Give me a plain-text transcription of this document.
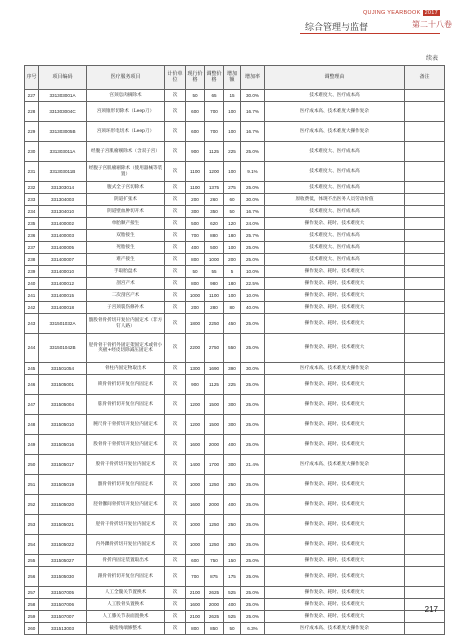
QUJING YEARBOOK 2017
综合管理与监督	第二十八卷
续表
序号	项目编码	医疗服务项目	计价单位	现行价格	调整价格	增加额	增加率	调整理由	备注
227	331303001A	宫颈息肉摘除术	次	50	65	15	30.0%	技术难度大、医疗成本高	
228	331303004C	宫颈锥形切除术（Leep刀）	次	600	700	100	16.7%	医疗成本高、技术难度大操作复杂	
229	331303005B	宫颈环形电切术（Leep刀）	次	600	700	100	16.7%	医疗成本高、技术难度大操作复杂	
230	331303011A	经腹子宫肌瘤剔除术（含双子宫）	次	900	1125	225	25.0%	技术难度大、医疗成本高	
231	331303011B	经腹子宫肌瘤剔除术（使用器械等装置）	次	1100	1200	100	9.1%	技术难度大、医疗成本高	
232	331303014	腹式全子宫切除术	次	1100	1375	275	25.0%	技术难度大、医疗成本高	
233	331304003	阴道扩张术	次	200	260	60	30.0%	原收费低，体现不出医务人员劳动价值	
234	331304010	阴道壁血肿切开术	次	300	350	50	16.7%	技术难度大、医疗成本高	
235	331400002	单胎顺产接生	次	500	620	120	24.0%	操作复杂、耗时、技术难度大	
236	331400003	双胎接生	次	700	880	180	25.7%	技术难度大、医疗成本高	
237	331400005	死胎接生	次	400	500	100	25.0%	技术难度大、医疗成本高	
238	331400007	难产接生	次	800	1000	200	25.0%	技术难度大、医疗成本高	
239	331400010	手取胎盘术	次	50	55	5	10.0%	操作复杂、耗时、技术难度大	
240	331400012	剖宫产术	次	800	980	180	22.5%	操作复杂、耗时、技术难度大	
241	331400015	二次剖宫产术	次	1000	1100	100	10.0%	操作复杂、耗时、技术难度大	
242	331400018	子宫颈裂伤修补术	次	200	280	80	40.0%	操作复杂、耗时、技术难度大	
243	331501032A	髌股骨骨折切开复位内固定术（非方钉人路）	次	1800	2250	450	25.0%	操作复杂、耗时、技术难度大	
244	331501042B	胫骨骨干骨折外固定架固定术或骨小夹板+经皮切除减压固定术	次	2200	2750	550	25.0%	操作复杂、耗时、技术难度大	
245	331501054	骨柱内固定物取出术	次	1300	1690	390	30.0%	医疗成本高、技术难度大操作复杂	
246	331505001	锁骨骨折切开复位内固定术	次	900	1125	225	25.0%	操作复杂、耗时、技术难度大	
247	331505004	肱骨骨折切开复位内固定术	次	1200	1500	300	25.0%	操作复杂、耗时、技术难度大	
248	331505010	腕尺骨干骨折切开复位内固定术	次	1200	1500	300	25.0%	操作复杂、耗时、技术难度大	
249	331505016	股骨骨干骨折切开复位内固定术	次	1600	2000	400	25.0%	操作复杂、耗时、技术难度大	
250	331505017	股骨干骨折切开复位内固定术	次	1400	1700	300	21.4%	医疗成本高、技术难度大操作复杂	
251	331505019	髌骨骨折切开复位内固定术	次	1000	1250	250	25.0%	操作复杂、耗时、技术难度大	
252	331505020	胫骨髁间骨折切开复位内固定术	次	1600	2000	400	25.0%	操作复杂、耗时、技术难度大	
253	331505021	胫骨干骨折切开复位内固定术	次	1000	1250	250	25.0%	操作复杂、耗时、技术难度大	
254	331505022	内外踝骨折切开复位内固定术	次	1000	1250	250	25.0%	操作复杂、耗时、技术难度大	
255	331505027	骨折内固定装置取出术	次	600	750	150	25.0%	操作复杂、耗时、技术难度大	
256	331505030	跟骨骨折切开复位内固定术	次	700	875	175	25.0%	操作复杂、耗时、技术难度大	
257	331507005	人工全髋关节置换术	次	2100	2625	525	25.0%	操作复杂、耗时、技术难度大	
258	331507006	人工股骨头置换术	次	1600	2000	400	25.0%	操作复杂、耗时、技术难度大	
259	331507007	人工膝关节表面置换术	次	2100	2625	525	25.0%	操作复杂、耗时、技术难度大	
260	331513003	截指残端修整术	次	800	850	50	6.3%	医疗成本高、技术难度大操作复杂	
217
